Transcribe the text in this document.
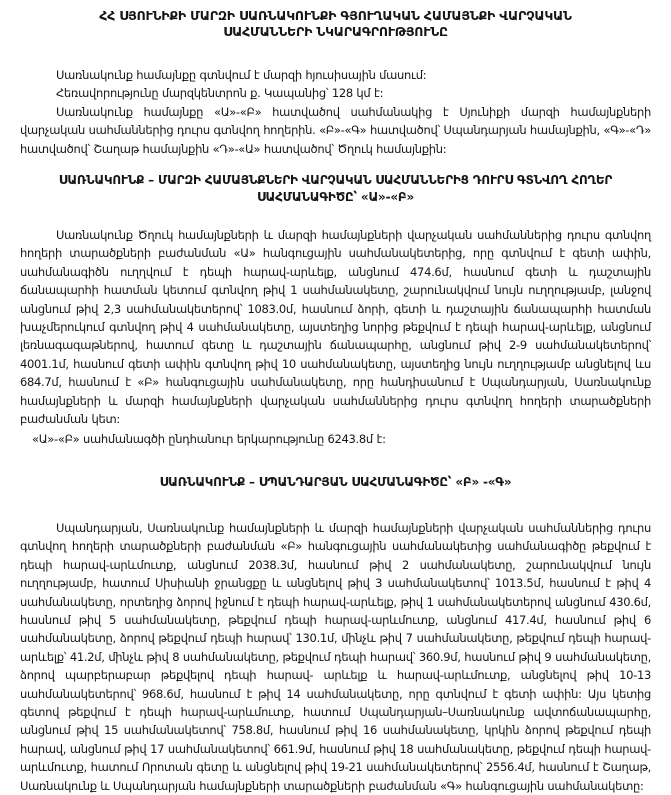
ՀՀ ՍՅՈՒՆԻՔԻ ՄԱՐԶԻ ՍԱՌՆԱԿՈՒՆՔԻ ԳՅՈՒՂԱԿԱՆ ՀԱՄԱՅՆՔԻ ՎԱՐՉԱԿԱՆ
ՍԱՀՄԱՆՆԵՐԻ ՆԿԱՐԱԳՐՈՒԹՅՈՒՆԸ

Սառնակունք համայնքը գտնվում է մարզի հյուսիսային մասում:

Հեռավորությունը մարզկենտրոն ք. Կապանից՝ 128 կմ է:

Սառնակունք համայնքը «Ա»-«Բ» հատվածով սահմանակից է Սյունիքի մարզի համայնքների վարչական սահմաններից դուրս գտնվող հողերին. «Բ»-«Գ» հատվածով՝ Սպանդարյան համայնքին, «Գ»-«Դ» հատվածով՝ Շաղաթ համայնքին «Դ»-«Ա» հատվածով՝ Ծղուկ համայնքին:

ՍԱՌՆԱԿՈՒՆՔ – ՄԱՐԶԻ ՀԱՄԱՅՆՔՆԵՐԻ ՎԱՐՉԱԿԱՆ ՍԱՀՄԱՆՆԵՐԻՑ ԴՈՒՐՍ ԳՏՆՎՈՂ ՀՈՂԵՐ
ՍԱՀՄԱՆԱԳԻԾԸ՝ «Ա»-«Բ»

Սառնակունք Ծղուկ համայնքների և մարզի համայնքների վարչական սահմաններից դուրս գտնվող հողերի տարածքների բաժանման «Ա» հանգուցային սահմանակետերից, որը գտնվում է գետի ափին, սահմանագիծն ուղղվում է դեպի հարավ-արևելք, անցնում 474.6մ, հասնում գետի և դաշտային ճանապարհի հատման կետում գտնվող թիվ 1 սահմանակետը, շարունակվում նույն ուղղությամբ, լանջով անցնում թիվ 2,3 սահմանակետերով՝ 1083.0մ, հասնում ձորի, գետի և դաշտային ճանապարհի հատման խաչմերուկում գտնվող թիվ 4 սահմանակետը, այստեղից նորից թեքվում է դեպի հարավ-արևելք, անցնում լեռնագագաթներով, հատում գետը և դաշտային ճանապարհը, անցնում թիվ 2-9 սահմանակետերով՝ 4001.1մ, հասնում գետի ափին գտնվող թիվ 10 սահմանակետը, այստեղից նույն ուղղությամբ անցնելով ևս 684.7մ, հասնում է «Բ» հանգուցային սահմանակետը, որը հանդիսանում է Սպանդարյան, Սառնակունք համայնքների և մարզի համայնքների վարչական սահմաններից դուրս գտնվող հողերի տարածքների բաժանման կետ:

«Ա»-«Բ» սահմանագծի ընդհանուր երկարությունը 6243.8մ է:

ՍԱՌՆԱԿՈՒՆՔ – ՍՊԱՆԴԱՐՅԱՆ ՍԱՀՄԱՆԱԳԻԾԸ՝ «Բ» -«Գ»

Սպանդարյան, Սառնակունք համայնքների և մարզի համայնքների վարչական սահմաններից դուրս գտնվող հողերի տարածքների բաժանման «Բ» հանգուցային սահմանակետից սահմանագիծը թեքվում է դեպի հարավ-արևմուտք, անցնում 2038.3մ, հասնում թիվ 2 սահմանակետը, շարունակվում նույն ուղղությամբ, հատում Սիսիանի ջրանցքը և անցնելով թիվ 3 սահմանակետով՝ 1013.5մ, հասնում է թիվ 4 սահմանակետը, որտեղից ձորով իջնում է դեպի հարավ-արևելք, թիվ 1 սահմանակետերով անցնում 430.6մ, հասնում թիվ 5 սահմանակետը, թեքվում դեպի հարավ-արևմուտք, անցնում 417.4մ, հասնում թիվ 6 սահմանակետը, ձորով թեքվում դեպի հարավ՝ 130.1մ, մինչև թիվ 7 սահմանակետը, թեքվում դեպի հարավ-արևելք՝ 41.2մ, մինչև թիվ 8 սահմանակետը, թեքվում դեպի հարավ՝ 360.9մ, հասնում թիվ 9 սահմանակետը, ձորով պարբերաբար թեքվելով դեպի հարավ- արևելք և հարավ-արևմուտք, անցնելով թիվ 10-13 սահմանակետերով՝ 968.6մ, հասնում է թիվ 14 սահմանակետը, որը գտնվում է գետի ափին: Այս կետից գետով թեքվում է դեպի հարավ-արևմուտք, հատում Սպանդարյան–Սառնակունք ավտոճանապարհը, անցնում թիվ 15 սահմանակետով՝ 758.8մ, հասնում թիվ 16 սահմանակետը, կրկին ձորով թեքվում դեպի հարավ, անցնում թիվ 17 սահմանակետով՝ 661.9մ, հասնում թիվ 18 սահմանակետը, թեքվում դեպի հարավ-արևմուտք, հատում Որոտան գետը և անցնելով թիվ 19-21 սահմանակետերով՝ 2556.4մ, հասնում է Շաղաթ, Սառնակունք և Սպանդարյան համայնքների տարածքների բաժանման «Գ» հանգուցային սահմանակետը:
